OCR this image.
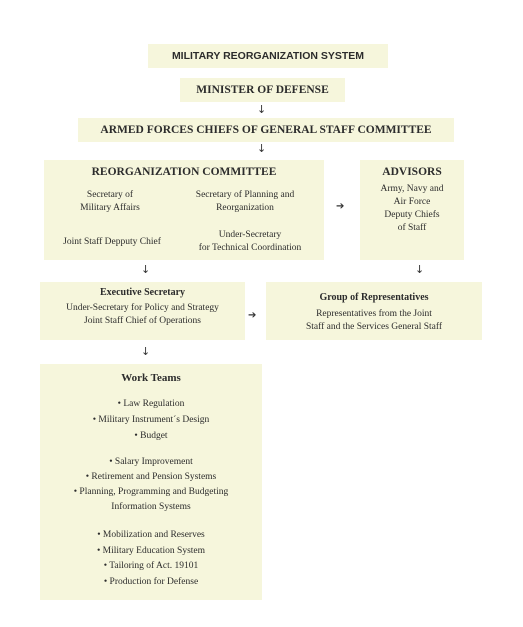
MILITARY REORGANIZATION SYSTEM
MINISTER OF DEFENSE
↓
ARMED FORCES CHIEFS OF GENERAL STAFF COMMITTEE
↓
REORGANIZATION COMMITTEE
Secretary of
Military Affairs
Secretary of Planning and
Reorganization
Joint Staff Depputy Chief
Under-Secretary
for Technical Coordination
➔
ADVISORS
Army, Navy and
Air Force
Deputy Chiefs
of Staff
↓	↓
Executive Secretary
Under-Secretary for Policy and Strategy
Joint Staff Chief of Operations	➔
Group of Representatives
Representatives from the Joint
Staff and the Services General Staff
↓
Work Teams
• Law Regulation
• Military Instrument´s Design
• Budget
• Salary Improvement
• Retirement and Pension Systems
• Planning, Programming and Budgeting
Information Systems
• Mobilization and Reserves
• Military Education System
• Tailoring of Act. 19101
• Production for Defense
